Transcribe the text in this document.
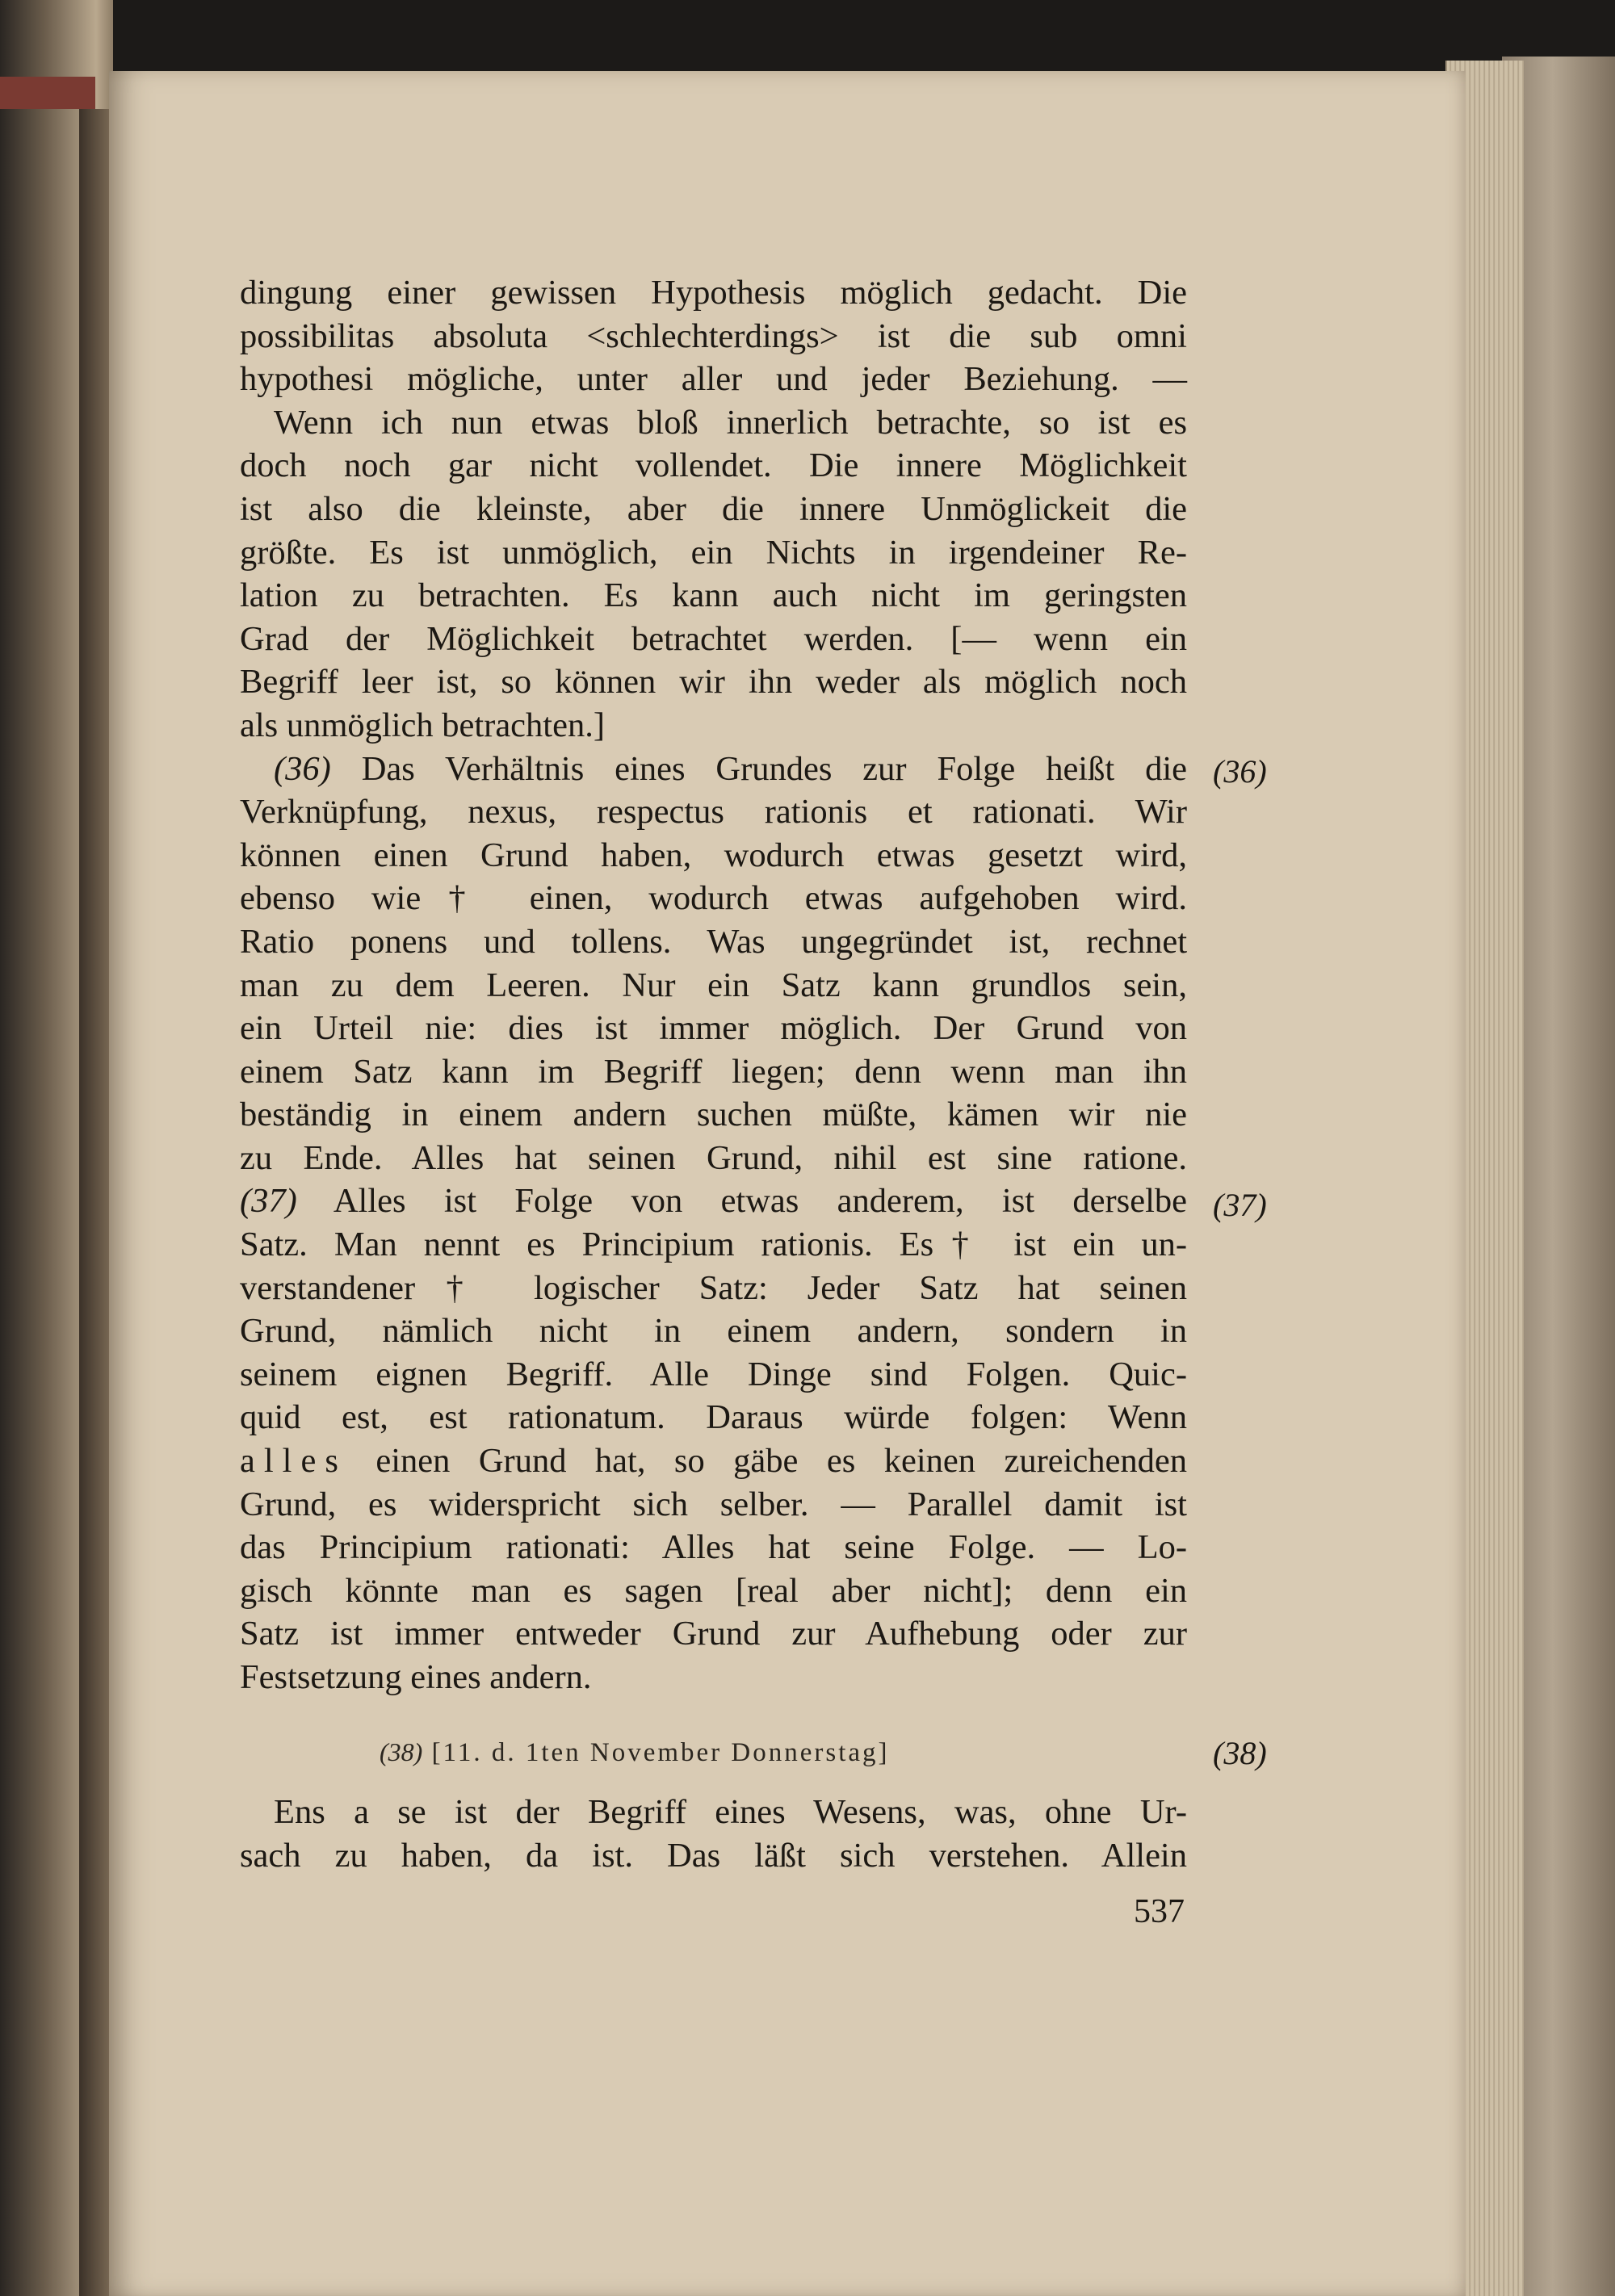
dingung einer gewissen Hypothesis möglich gedacht. Die
possibilitas absoluta <schlechterdings> ist die sub omni
hypothesi mögliche, unter aller und jeder Beziehung. —
Wenn ich nun etwas bloß innerlich betrachte, so ist es
doch noch gar nicht vollendet. Die innere Möglichkeit
ist also die kleinste, aber die innere Unmöglickeit die
größte. Es ist unmöglich, ein Nichts in irgendeiner Re-
lation zu betrachten. Es kann auch nicht im geringsten
Grad der Möglichkeit betrachtet werden. [— wenn ein
Begriff leer ist, so können wir ihn weder als möglich noch
als unmöglich betrachten.]
(36) Das Verhältnis eines Grundes zur Folge heißt die
Verknüpfung, nexus, respectus rationis et rationati. Wir
können einen Grund haben, wodurch etwas gesetzt wird,
ebenso wie† einen, wodurch etwas aufgehoben wird.
Ratio ponens und tollens. Was ungegründet ist, rechnet
man zu dem Leeren. Nur ein Satz kann grundlos sein,
ein Urteil nie: dies ist immer möglich. Der Grund von
einem Satz kann im Begriff liegen; denn wenn man ihn
beständig in einem andern suchen müßte, kämen wir nie
zu Ende. Alles hat seinen Grund, nihil est sine ratione.
(37) Alles ist Folge von etwas anderem, ist derselbe
Satz. Man nennt es Principium rationis. Es† ist ein un-
verstandener† logischer Satz: Jeder Satz hat seinen
Grund, nämlich nicht in einem andern, sondern in
seinem eignen Begriff. Alle Dinge sind Folgen. Quic-
quid est, est rationatum. Daraus würde folgen: Wenn
alles einen Grund hat, so gäbe es keinen zureichenden
Grund, es widerspricht sich selber. — Parallel damit ist
das Principium rationati: Alles hat seine Folge. — Lo-
gisch könnte man es sagen [real aber nicht]; denn ein
Satz ist immer entweder Grund zur Aufhebung oder zur
Festsetzung eines andern.
(36)
(37)
(38)
(38) [11. d. 1ten November Donnerstag]
Ens a se ist der Begriff eines Wesens, was, ohne Ur-
sach zu haben, da ist. Das läßt sich verstehen. Allein
537
